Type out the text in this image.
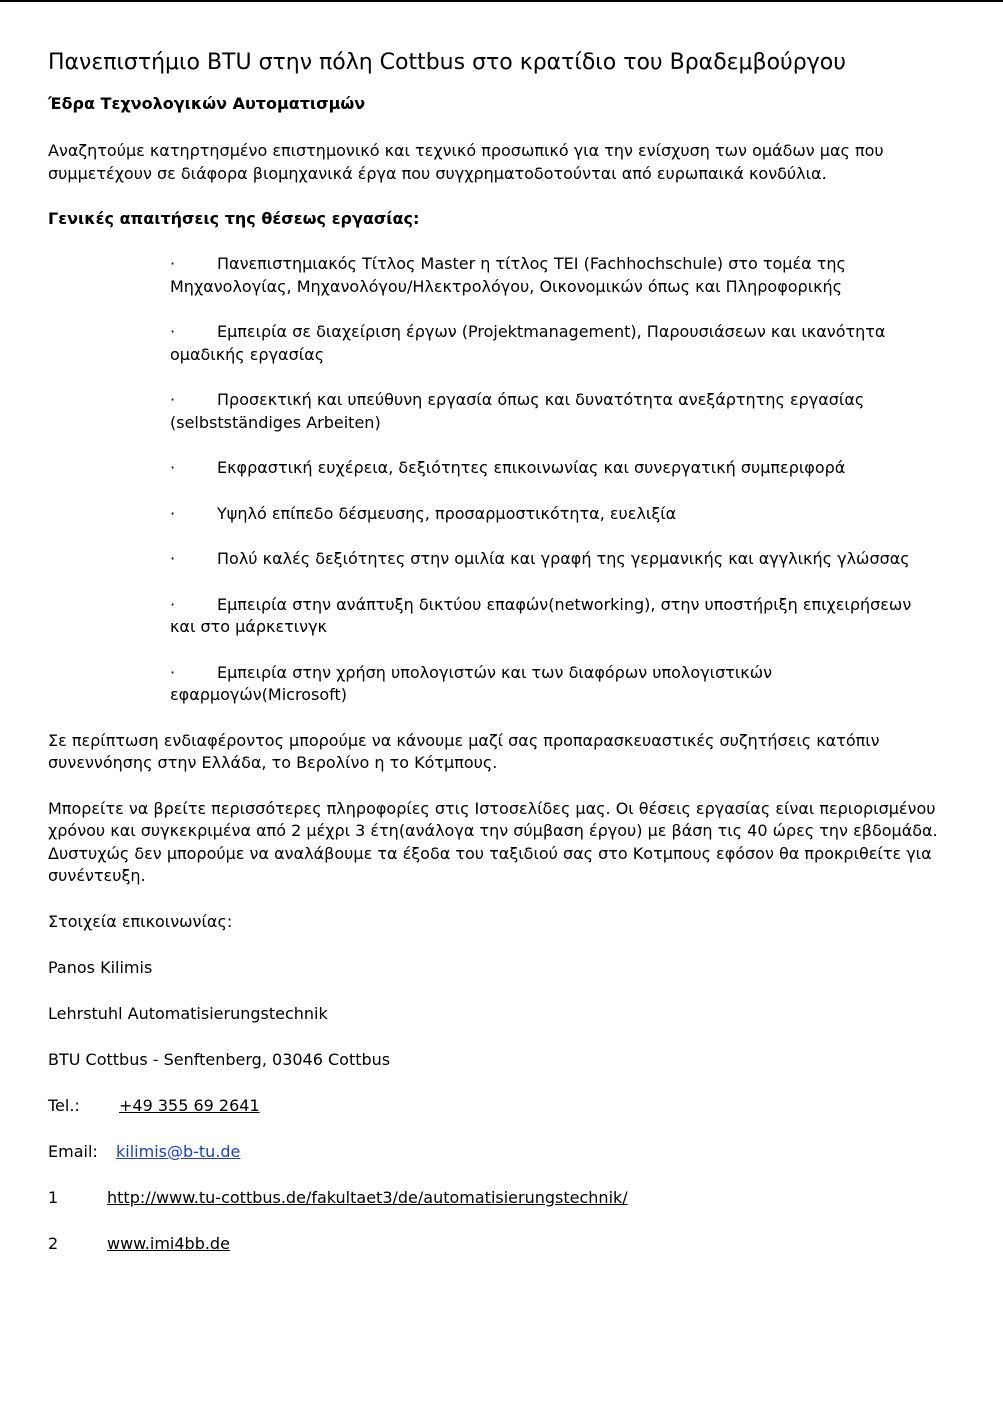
Πανεπιστήμιο BTU στην πόλη Cottbus στο κρατίδιο του Βραδεμβούργου
Έδρα Τεχνολογικών Αυτοματισμών
Αναζητούμε κατηρτησμένο επιστημονικό και τεχνικό προσωπικό για την ενίσχυση των ομάδων μας που συμμετέχουν σε διάφορα βιομηχανικά έργα που συγχρηματοδοτούνται από ευρωπαικά κονδύλια.
Γενικές απαιτήσεις της θέσεως εργασίας:
·	Πανεπιστημιακός Τίτλος Master η τίτλος TEI (Fachhochschule) στο τομέα της Μηχανολογίας, Μηχανολόγου/Ηλεκτρολόγου, Οικονομικών όπως και Πληροφορικής
·	Εμπειρία σε διαχείριση έργων (Projektmanagement), Παρουσιάσεων και ικανότητα ομαδικής εργασίας
·	Προσεκτική και υπεύθυνη εργασία όπως και δυνατότητα ανεξάρτητης εργασίας (selbstständiges Arbeiten)
·	Εκφραστική ευχέρεια, δεξιότητες επικοινωνίας και συνεργατική συμπεριφορά
·	Υψηλό επίπεδο δέσμευσης, προσαρμοστικότητα, ευελιξία
·	Πολύ καλές δεξιότητες στην ομιλία και γραφή της γερμανικής και αγγλικής γλώσσας
·	Εμπειρία στην ανάπτυξη δικτύου επαφών(networking), στην υποστήριξη επιχειρήσεων και στο μάρκετινγκ
·	Εμπειρία στην χρήση υπολογιστών και των διαφόρων υπολογιστικών εφαρμογών(Microsoft)
Σε περίπτωση ενδιαφέροντος μπορούμε να κάνουμε μαζί σας προπαρασκευαστικές συζητήσεις κατόπιν συνεννόησης στην Ελλάδα, το Βερολίνο η το Κότμπους.
Μπορείτε να βρείτε περισσότερες πληροφορίες στις Ιστοσελίδες μας. Οι θέσεις εργασίας είναι περιορισμένου χρόνου και συγκεκριμένα από 2 μέχρι 3 έτη(ανάλογα την σύμβαση έργου) με βάση τις 40 ώρες την εβδομάδα. Δυστυχώς δεν μπορούμε να αναλάβουμε τα έξοδα του ταξιδιού σας στο Κοτμπους εφόσον θα προκριθείτε για συνέντευξη.
Στοιχεία επικοινωνίας:
Panos Kilimis
Lehrstuhl Automatisierungstechnik
BTU Cottbus - Senftenberg, 03046 Cottbus
Tel.: +49 355 69 2641
Email: kilimis@b-tu.de
1	http://www.tu-cottbus.de/fakultaet3/de/automatisierungstechnik/
2	www.imi4bb.de
